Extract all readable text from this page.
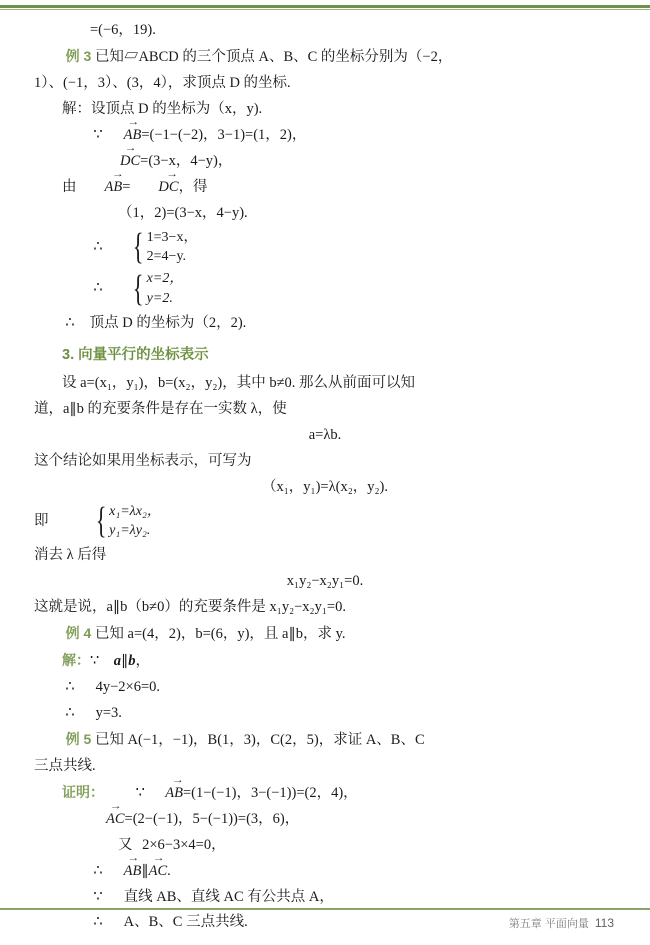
=(−6，19).

例 3 已知▱ABCD 的三个顶点 A、B、C 的坐标分别为（−2，

1）、(−1，3）、(3，4），求顶点 D 的坐标.

解：设顶点 D 的坐标为（x，y).

∵ AB →=(−1−(−2)，3−1)=(1，2)，

DC →=(3−x，4−y)，

由 AB →= DC →，得

（1，2)=(3−x，4−y).

∴ { 1=3−x，
2=4−y.

∴ { x=2，
y=2.

∴ 顶点 D 的坐标为（2，2).

3. 向量平行的坐标表示

设 a=(x₁，y₁)，b=(x₂，y₂)，其中 b≠0. 那么从前面可以知

道，a∥b 的充要条件是存在一实数 λ，使

a=λb.

这个结论如果用坐标表示，可写为

（x₁，y₁)=λ(x₂，y₂).

即 { x₁=λx₂，
y₁=λy₂.

消去 λ 后得

x₁y₂−x₂y₁=0.

这就是说，a∥b（b≠0）的充要条件是 x₁y₂−x₂y₁=0.

例 4 已知 a=(4，2)，b=(6，y)，且 a∥b，求 y.

解：∵　a∥b，

∴ 4y−2×6=0.

∴ y=3.

例 5 已知 A(−1，−1)，B(1，3)，C(2，5)，求证 A、B、C

三点共线.

证明： ∵ AB →=(1−(−1)，3−(−1))=(2，4)，

AC →=(2−(−1)，5−(−1))=(3，6)，

又 2×6−3×4=0，

∴ AB →∥AC →.

∵ 直线 AB、直线 AC 有公共点 A，

∴ A、B、C 三点共线.	第五章 平面向量 113
